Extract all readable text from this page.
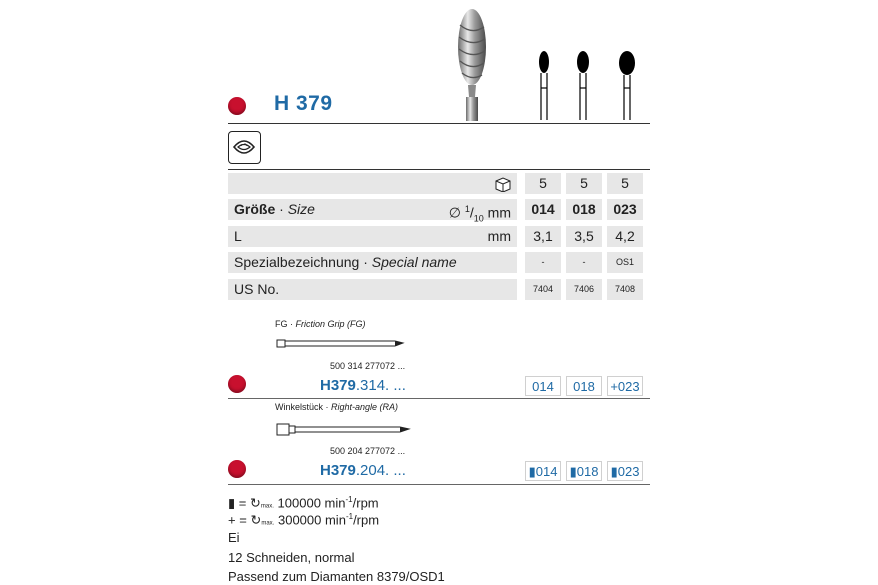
H 379
5	5	5
Größe · Size	∅ $^1/_{10}$ mm	014	018	023
L	mm	3,1	3,5	4,2
Spezialbezeichnung · Special name	-	-	OS1
US No.	7404	7406	7408
FG · Friction Grip (FG)
500 314 277072 ...
H379.314. ...	014	018	+023
Winkelstück · Right-angle (RA)
500 204 277072 ...
H379.204. ...	▮014 ▮018 ▮023
▮ = ↻max. 100000 $\min^{-1}$/rpm
+ = ↻max. 300000 $\min^{-1}$/rpm
Ei
12 Schneiden, normal
Passend zum Diamanten 8379/OSD1
